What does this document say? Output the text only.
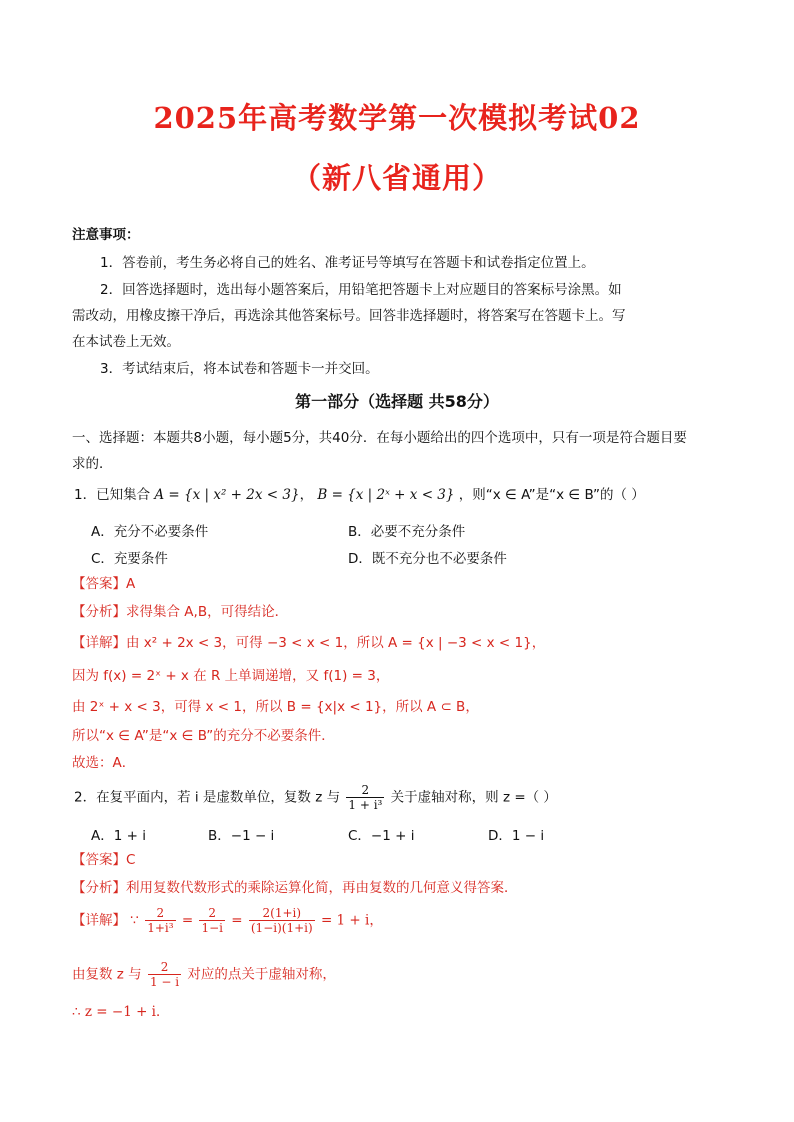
2025年高考数学第一次模拟考试02
（新八省通用）
注意事项：
1．答卷前，考生务必将自己的姓名、准考证号等填写在答题卡和试卷指定位置上。
2．回答选择题时，选出每小题答案后，用铅笔把答题卡上对应题目的答案标号涂黑。如
需改动，用橡皮擦干净后，再选涂其他答案标号。回答非选择题时，将答案写在答题卡上。写
在本试卷上无效。
3．考试结束后，将本试卷和答题卡一并交回。
第一部分（选择题 共58分）
一、选择题：本题共8小题，每小题5分，共40分．在每小题给出的四个选项中，只有一项是符合题目要
求的．
1．已知集合 A = {x | x² + 2x < 3}， B = {x | 2ˣ + x < 3} ，则“x ∈ A”是“x ∈ B”的（ ）
A．充分不必要条件	B．必要不充分条件
C．充要条件	D．既不充分也不必要条件
【答案】A
【分析】求得集合 A,B，可得结论．
【详解】由 x² + 2x < 3，可得 −3 < x < 1，所以 A = {x | −3 < x < 1}，
因为 f(x) = 2ˣ + x 在 R 上单调递增，又 f(1) = 3，
由 2ˣ + x < 3，可得 x < 1，所以 B = {x|x < 1}，所以 A ⊂ B，
所以“x ∈ A”是“x ∈ B”的充分不必要条件．
故选：A．
2．在复平面内，若 i 是虚数单位，复数 z 与 $\frac{2}{\text{1 + i³}}$ 关于虚轴对称，则 z =（ ）
A．1 + i	B．−1 − i	C．−1 + i	D．1 − i
【答案】C
【分析】利用复数代数形式的乘除运算化简，再由复数的几何意义得答案．
【详解】 ∵ $\frac{2}{\text{1+i³}} = \frac{2}{1-i} = \frac{2(1+i)}{(1-i)(1+i)} = 1 + i$，
由复数 z 与 $\frac{2}{1 - i}$ 对应的点关于虚轴对称，
∴ z = −1 + i．
